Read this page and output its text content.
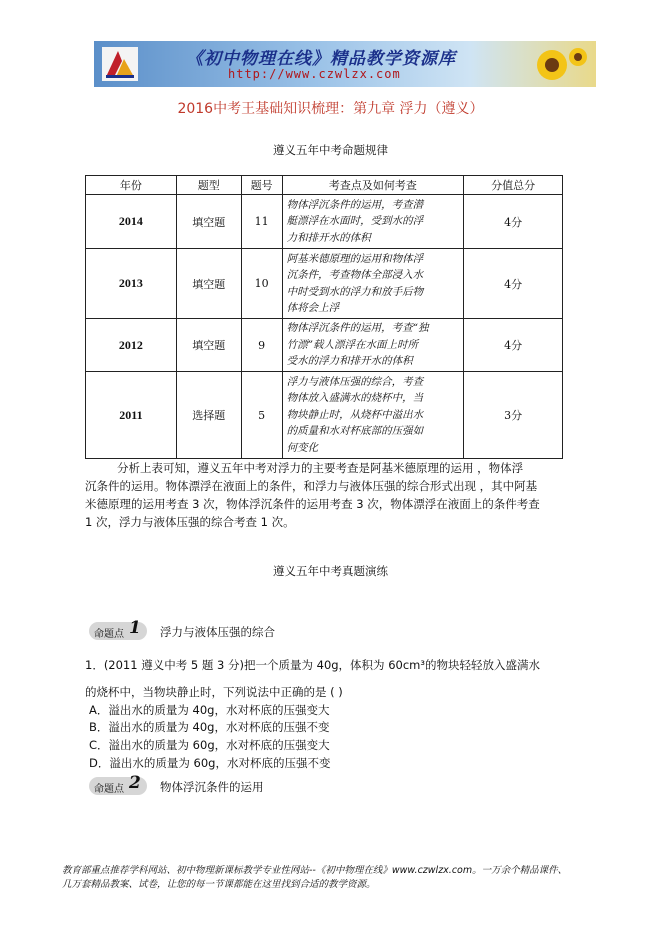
《初中物理在线》精品教学资源库
http://www.czwlzx.com
2016中考王基础知识梳理：第九章 浮力（遵义）
遵义五年中考命题规律
年份	题型	题号	考查点及如何考查	分值总分
2014	填空题	11	物体浮沉条件的运用，考查潜
艇漂浮在水面时，受到水的浮
力和排开水的体积	4分
2013	填空题	10	阿基米德原理的运用和物体浮
沉条件，考查物体全部浸入水
中时受到水的浮力和放手后物
体将会上浮	4分
2012	填空题	9	物体浮沉条件的运用，考查“独
竹漂”载人漂浮在水面上时所
受水的浮力和排开水的体积	4分
2011	选择题	5	浮力与液体压强的综合，考查
物体放入盛满水的烧杯中，当
物块静止时，从烧杯中溢出水
的质量和水对杯底部的压强如
何变化	3分
分析上表可知，遵义五年中考对浮力的主要考查是阿基米德原理的运用 ，物体浮
沉条件的运用。物体漂浮在液面上的条件，和浮力与液体压强的综合形式出现 ，其中阿基
米德原理的运用考查 3 次，物体浮沉条件的运用考查 3 次，物体漂浮在液面上的条件考查
1 次，浮力与液体压强的综合考查 1 次。
遵义五年中考真题演练
命题点 1 浮力与液体压强的综合
1．(2011 遵义中考 5 题 3 分)把一个质量为 40g，体积为 60cm³的物块轻轻放入盛满水
的烧杯中，当物块静止时，下列说法中正确的是 ( )
A．溢出水的质量为 40g，水对杯底的压强变大
B．溢出水的质量为 40g，水对杯底的压强不变
C．溢出水的质量为 60g，水对杯底的压强变大
D．溢出水的质量为 60g，水对杯底的压强不变
命题点 2 物体浮沉条件的运用
教育部重点推荐学科网站、初中物理新课标教学专业性网站--《初中物理在线》www.czwlzx.com。一万余个精品课件、
几万套精品教案、试卷，让您的每一节课都能在这里找到合适的教学资源。
